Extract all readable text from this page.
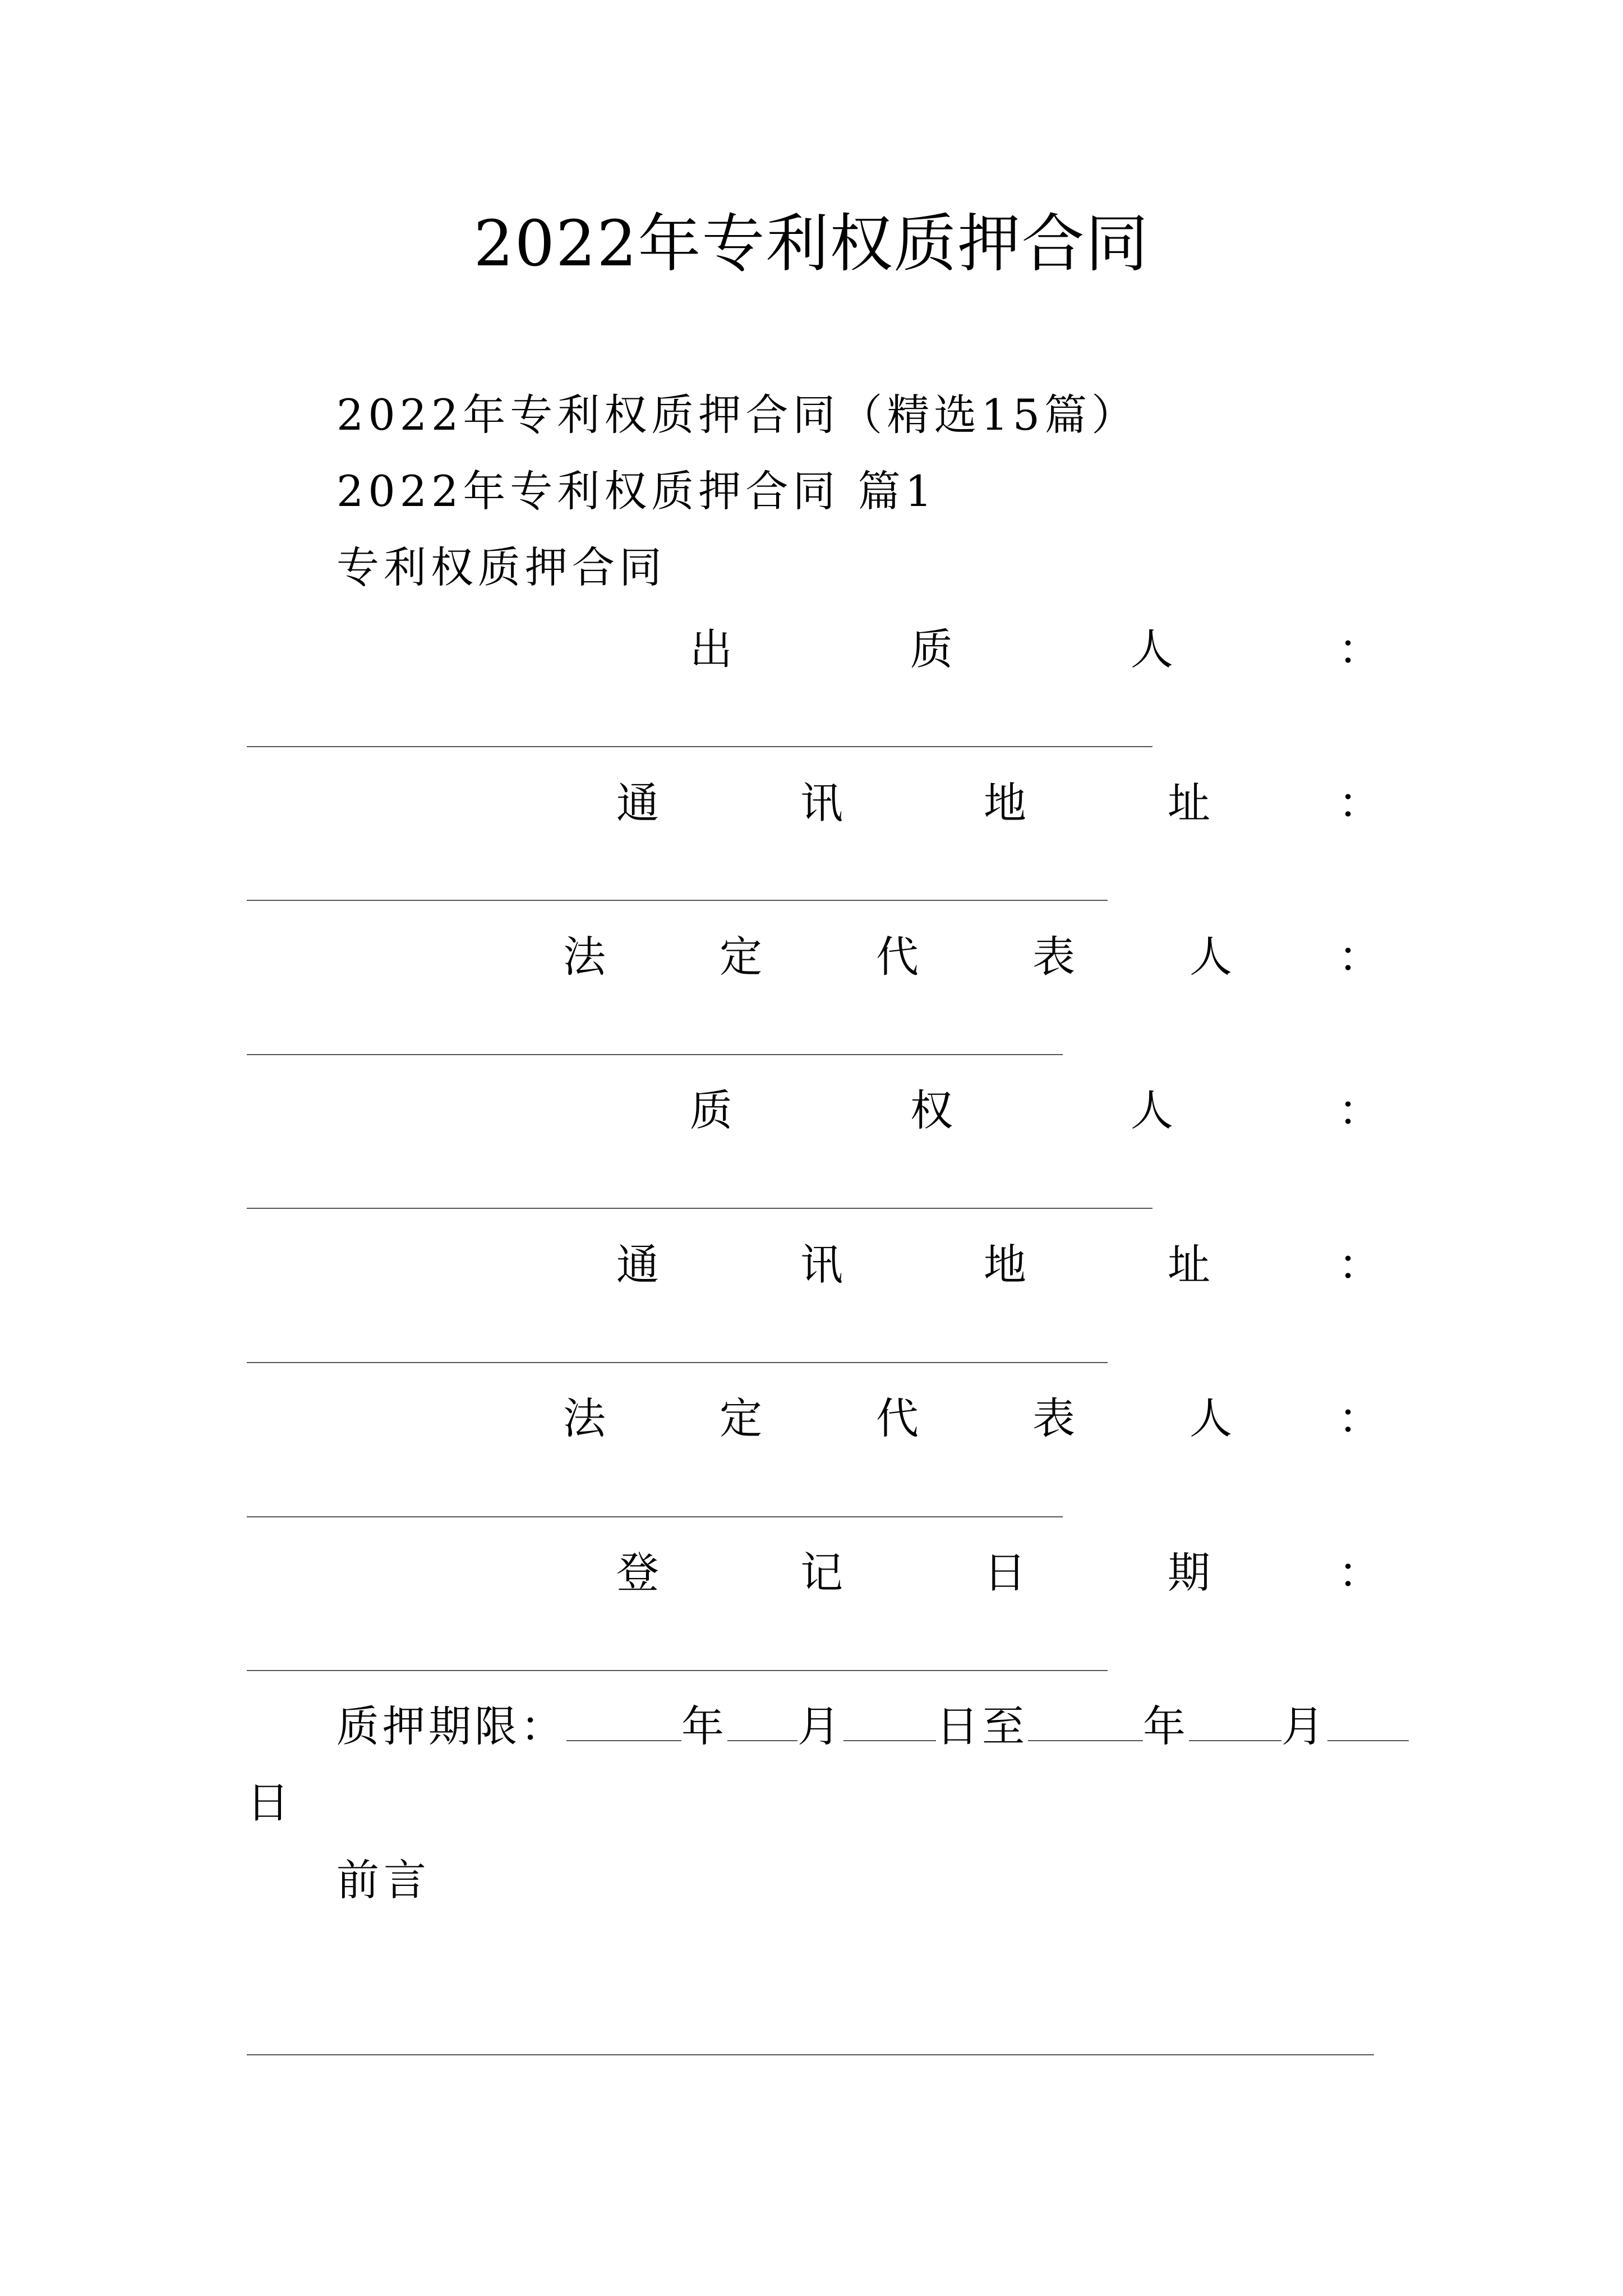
2022年专利权质押合同
2022年专利权质押合同（精选15篇）
2022年专利权质押合同 篇1
专利权质押合同
出	质	人	：
通	讯	地	址	：
法	定	代	表	人 ：
质	权	人	：
通	讯	地	址	：
法	定	代	表	人 ：
登	记	日	期	：
质押期限：	年 月 日至	年 月
日
前言
